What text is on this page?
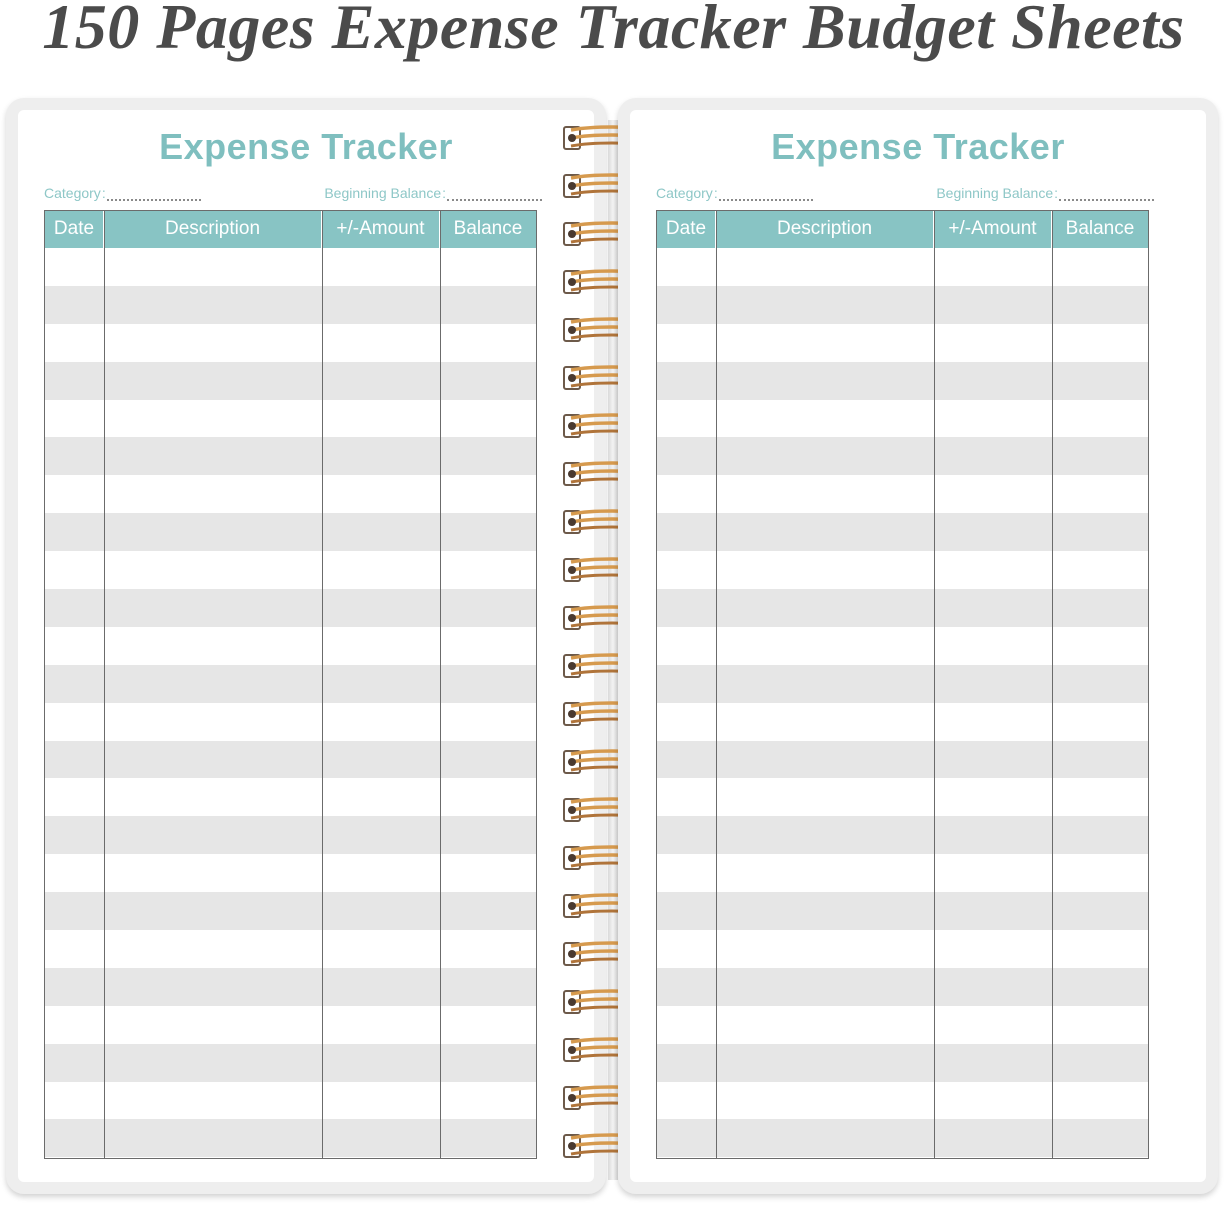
150 Pages Expense Tracker Budget Sheets
Expense Tracker
Category :	Beginning Balance :
Date	Description	+/-Amount	Balance
Expense Tracker
Category :	Beginning Balance :
Date	Description	+/-Amount	Balance
